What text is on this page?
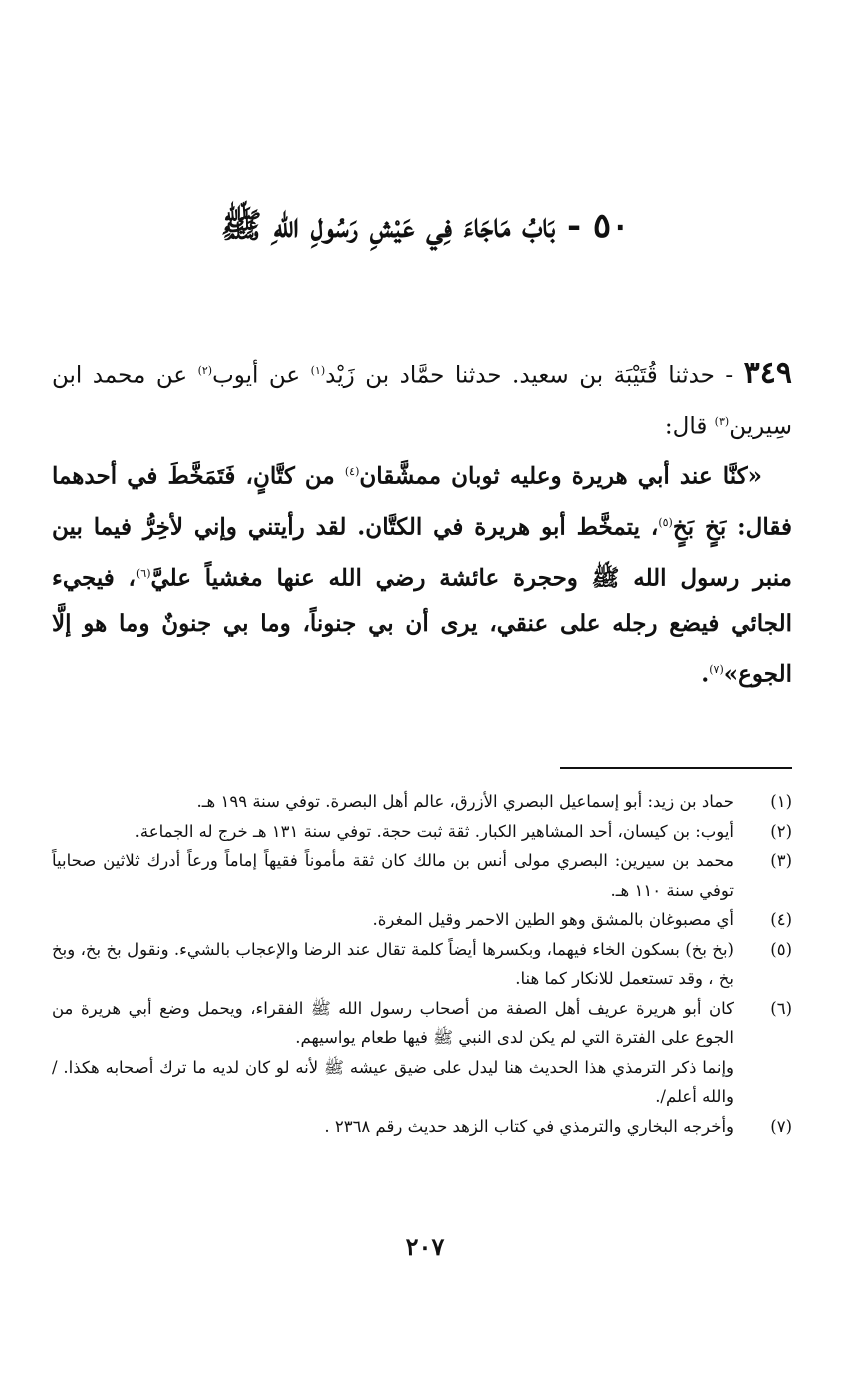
٥٠ - بَابُ مَاجَاءَ فِي عَيْشِ رَسُولِ اللهِ ﷺ

٣٤٩ - حدثنا قُتَيْبَة بن سعيد. حدثنا حمَّاد بن زَيْد$^{(١)}$ عن أيوب$^{(٢)}$ عن محمد ابن سِيرين$^{(٣)}$ قال:

«كنَّا عند أبي هريرة وعليه ثوبان ممشَّقان$^{(٤)}$ من كتَّانٍ، فَتَمَخَّطَ في أحدهما فقال: بَخٍ بَخٍ$^{(٥)}$، يتمخَّط أبو هريرة في الكتَّان. لقد رأيتني وإني لأخِرُّ فيما بين منبر رسول الله ﷺ وحجرة عائشة رضي الله عنها مغشياً عليَّ$^{(٦)}$، فيجيء الجائي فيضع رجله على عنقي، يرى أن بي جنوناً، وما بي جنونٌ وما هو إلَّا الجوع»$^{(٧)}$.

(١)

حماد بن زيد: أبو إسماعيل البصري الأزرق، عالم أهل البصرة. توفي سنة ١٩٩ هـ.

(٢)

أيوب: بن كيسان، أحد المشاهير الكبار. ثقة ثبت حجة. توفي سنة ١٣١ هـ خرج له الجماعة.

(٣)

محمد بن سيرين: البصري مولى أنس بن مالك كان ثقة مأموناً فقيهاً إماماً ورعاً أدرك ثلاثين صحابياً توفي سنة ١١٠ هـ.

(٤)

أي مصبوغان بالمشق وهو الطين الاحمر وقيل المغرة.

(٥)

(بخ بخ) بسكون الخاء فيهما، وبكسرها أيضاً كلمة تقال عند الرضا والإعجاب بالشيء. ونقول بخ بخ، وبخ بخ ، وقد تستعمل للانكار كما هنا.

(٦)

كان أبو هريرة عريف أهل الصفة من أصحاب رسول الله ﷺ الفقراء، ويحمل وضع أبي هريرة من الجوع على الفترة التي لم يكن لدى النبي ﷺ فيها طعام يواسيهم.

وإنما ذكر الترمذي هذا الحديث هنا ليدل على ضيق عيشه ﷺ لأنه لو كان لديه ما ترك أصحابه هكذا. /والله أعلم/.

(٧)

وأخرجه البخاري والترمذي في كتاب الزهد حديث رقم ٢٣٦٨ .

٢٠٧
